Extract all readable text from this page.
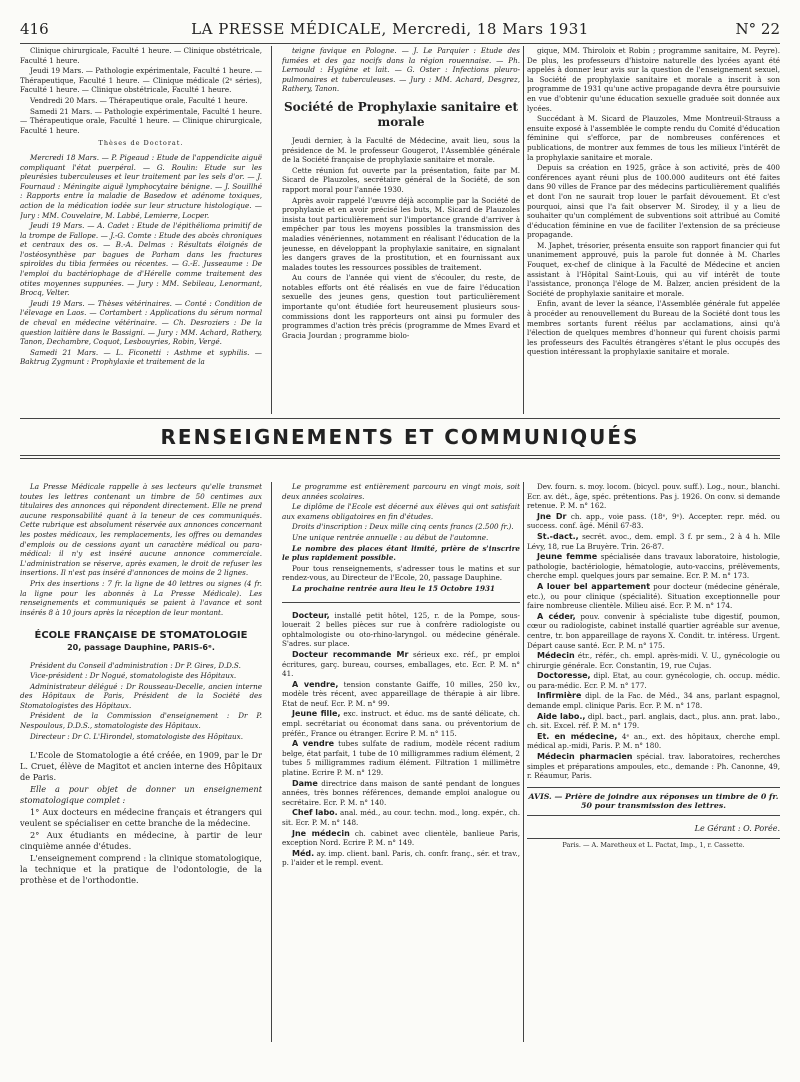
416	LA PRESSE MÉDICALE, Mercredi, 18 Mars 1931	N° 22

Clinique chirurgicale, Faculté 1 heure. — Clinique obstétricale, Faculté 1 heure.

Jeudi 19 Mars. — Pathologie expérimentale, Faculté 1 heure. — Thérapeutique, Faculté 1 heure. — Clinique médicale (2ᵉ séries), Faculté 1 heure. — Clinique obstétricale, Faculté 1 heure.

Vendredi 20 Mars. — Thérapeutique orale, Faculté 1 heure.

Samedi 21 Mars. — Pathologie expérimentale, Faculté 1 heure. — Thérapeutique orale, Faculté 1 heure. — Clinique chirurgicale, Faculté 1 heure.

Thèses de Doctorat.

Mercredi 18 Mars. — P. Pigeaud : Etude de l'appendicite aiguë compliquant l'état puerpéral. — G. Roulin: Etude sur les pleurésies tuberculeuses et leur traitement par les sels d'or. — J. Fournaud : Méningite aiguë lymphocytaire bénigne. — J. Souillhé : Rapports entre la maladie de Basedow et adénome toxiques, action de la médication iodée sur leur structure histologique. — Jury : MM. Couvelaire, M. Labbé, Lemierre, Locper.

Jeudi 19 Mars. — A. Cadet : Etude de l'épithélioma primitif de la trompe de Fallope. — J.-G. Comte : Etude des abcès chroniques et centraux des os. — B.-A. Delmas : Résultats éloignés de l'ostéosynthèse par bagues de Parham dans les fractures spiroïdes du tibia fermées ou récentes. — G.-E. Jusseaume : De l'emploi du bactériophage de d'Hérelle comme traitement des otites moyennes suppurées. — Jury : MM. Sebileau, Lenormant, Brocq, Velter.

Jeudi 19 Mars. — Thèses vétérinaires. — Conté : Condition de l'élevage en Laos. — Cortambert : Applications du sérum normal de cheval en médecine vétérinaire. — Ch. Desroziers : De la question laitière dans le Bassigni. — Jury : MM. Achard, Rathery, Tanon, Dechambre, Coquot, Lesbouyries, Robin, Vergé.

Samedi 21 Mars. — L. Ficonetti : Asthme et syphilis. — Baktrug Zygmunt : Prophylaxie et traitement de la

teigne favique en Pologne. — J. Le Parquier : Etude des fumées et des gaz nocifs dans la région rouennaise. — Ph. Lernould : Hygiène et lait. — G. Oster : Infections pleuro-pulmonaires et tuberculeuses. — Jury : MM. Achard, Desgrez, Rathery, Tanon.

Société de Prophylaxie sanitaire et morale

Jeudi dernier, à la Faculté de Médecine, avait lieu, sous la présidence de M. le professeur Gougerot, l'Assemblée générale de la Société française de prophylaxie sanitaire et morale.

Cette réunion fut ouverte par la présentation, faite par M. Sicard de Plauzoles, secrétaire général de la Société, de son rapport moral pour l'année 1930.

Après avoir rappelé l'œuvre déjà accomplie par la Société de prophylaxie et en avoir précisé les buts, M. Sicard de Plauzoles insista tout particulièrement sur l'importance grande d'arriver à empêcher par tous les moyens possibles la transmission des maladies vénériennes, notamment en réalisant l'éducation de la jeunesse, en développant la prophylaxie sanitaire, en signalant les dangers graves de la prostitution, et en fournissant aux malades toutes les ressources possibles de traitement.

Au cours de l'année qui vient de s'écouler, du reste, de notables efforts ont été réalisés en vue de faire l'éducation sexuelle des jeunes gens, question tout particulièrement importante qu'ont étudiée fort heureusement plusieurs sous-commissions dont les rapporteurs ont ainsi pu formuler des programmes d'action très précis (programme de Mmes Evard et Gracia Jourdan ; programme biolo-

gique, MM. Thiroloix et Robin ; programme sanitaire, M. Peyre). De plus, les professeurs d'histoire naturelle des lycées ayant été appelés à donner leur avis sur la question de l'enseignement sexuel, la Société de prophylaxie sanitaire et morale a inscrit à son programme de 1931 qu'une active propagande devra être poursuivie en vue d'obtenir qu'une éducation sexuelle graduée soit donnée aux lycées.

Succédant à M. Sicard de Plauzoles, Mme Montreuil-Strauss a ensuite exposé à l'assemblée le compte rendu du Comité d'éducation féminine qui s'efforce, par de nombreuses conférences et publications, de montrer aux femmes de tous les milieux l'intérêt de la prophylaxie sanitaire et morale.

Depuis sa création en 1925, grâce à son activité, près de 400 conférences ayant réuni plus de 100.000 auditeurs ont été faites dans 90 villes de France par des médecins particulièrement qualifiés et dont l'on ne saurait trop louer le parfait dévouement. Et c'est pourquoi, ainsi que l'a fait observer M. Sirodey, il y a lieu de souhaiter qu'un complément de subventions soit attribué au Comité d'éducation féminine en vue de faciliter l'extension de sa précieuse propagande.

M. Japhet, trésorier, présenta ensuite son rapport financier qui fut unanimement approuvé, puis la parole fut donnée à M. Charles Fouquet, ex-chef de clinique à la Faculté de Médecine et ancien assistant à l'Hôpital Saint-Louis, qui au vif intérêt de toute l'assistance, prononça l'éloge de M. Balzer, ancien président de la Société de prophylaxie sanitaire et morale.

Enfin, avant de lever la séance, l'Assemblée générale fut appelée à procéder au renouvellement du Bureau de la Société dont tous les membres sortants furent réélus par acclamations, ainsi qu'à l'élection de quelques membres d'honneur qui furent choisis parmi les professeurs des Facultés étrangères s'étant le plus occupés des question intéressant la prophylaxie sanitaire et morale.

RENSEIGNEMENTS ET COMMUNIQUÉS

La Presse Médicale rappelle à ses lecteurs qu'elle transmet toutes les lettres contenant un timbre de 50 centimes aux titulaires des annonces qui répondent directement. Elle ne prend aucune responsabilité quant à la teneur de ces communiqués. Cette rubrique est absolument réservée aux annonces concernant les postes médicaux, les remplacements, les offres ou demandes d'emplois ou de cessions ayant un caractère médical ou para-médical: il n'y est inséré aucune annonce commerciale. L'administration se réserve, après examen, le droit de refuser les insertions. Il n'est pas inséré d'annonces de moins de 2 lignes.

Prix des insertions : 7 fr. la ligne de 40 lettres ou signes (4 fr. la ligne pour les abonnés à La Presse Médicale). Les renseignements et communiqués se paient à l'avance et sont insérés 8 à 10 jours après la réception de leur montant.

ÉCOLE FRANÇAISE DE STOMATOLOGIE
20, passage Dauphine, PARIS-6ᵉ.

Président du Conseil d'administration : Dr P. Gires, D.D.S.

Vice-président : Dr Nogué, stomatologiste des Hôpitaux.

Administrateur délégué : Dr Rousseau-Decelle, ancien interne des Hôpitaux de Paris, Président de la Société des Stomatologistes des Hôpitaux.

Président de la Commission d'enseignement : Dr P. Nespoulous, D.D.S., stomatologiste des Hôpitaux.

Directeur : Dr C. L'Hirondel, stomatologiste des Hôpitaux.

L'Ecole de Stomatologie a été créée, en 1909, par le Dr L. Cruet, élève de Magitot et ancien interne des Hôpitaux de Paris.

Elle a pour objet de donner un enseignement stomatologique complet :

1° Aux docteurs en médecine français et étrangers qui veulent se spécialiser en cette branche de la médecine.

2° Aux étudiants en médecine, à partir de leur cinquième année d'études.

L'enseignement comprend : la clinique stomatologique, la technique et la pratique de l'odontologie, de la prothèse et de l'orthodontie.

Le programme est entièrement parcouru en vingt mois, soit deux années scolaires.

Le diplôme de l'Ecole est décerné aux élèves qui ont satisfait aux examens obligatoires en fin d'études.

Droits d'inscription : Deux mille cinq cents francs (2.500 fr.).

Une unique rentrée annuelle : au début de l'automne.

Le nombre des places étant limité, prière de s'inscrire le plus rapidement possible.

Pour tous renseignements, s'adresser tous le matins et sur rendez-vous, au Directeur de l'Ecole, 20, passage Dauphine.

La prochaine rentrée aura lieu le 15 Octobre 1931

Docteur, installé petit hôtel, 125, r. de la Pompe, sous-louerait 2 belles pièces sur rue à confrère radiologiste ou ophtalmologiste ou oto-rhino-laryngol. ou médecine générale. S'adres. sur place.

Docteur recommande Mr sérieux exc. réf., pr emploi écritures, garç. bureau, courses, emballages, etc. Ecr. P. M. n° 41.

A vendre, tension constante Gaiffe, 10 milles, 250 kv., modèle très récent, avec appareillage de thérapie à air libre. Etat de neuf. Ecr. P. M. n° 99.

Jeune fille, exc. instruct. et éduc. ms de santé délicate, ch. empl. secrétariat ou économat dans sana. ou préventorium de préfér., France ou étranger. Ecrire P. M. n° 115.

A vendre tubes sulfate de radium, modèle récent radium belge, état parfait, 1 tube de 10 milligrammes radium élément, 2 tubes 5 milligrammes radium élément. Filtration 1 millimètre platine. Ecrire P. M. n° 129.

Dame directrice dans maison de santé pendant de longues années, très bonnes références, demande emploi analogue ou secrétaire. Ecr. P. M. n° 140.

Chef labo. anal. méd., au cour. techn. mod., long. expér., ch. sit. Ecr. P. M. n° 148.

Jne médecin ch. cabinet avec clientèle, banlieue Paris, exception Nord. Ecrire P. M. n° 149.

Méd. ay. imp. client. banl. Paris, ch. confr. franç., sér. et trav., p. l'aider et le rempl. event.

Dev. fourn. s. moy. locom. (bicycl. pouv. suff.). Log., nour., blanchi. Ecr. av. dét., âge, spéc. prétentions. Pas j. 1926. On conv. si demande retenue. P. M. n° 162.

Jne Dr ch. app., voie pass. (18ᵉ, 9ᵉ). Accepter. repr. méd. ou success. conf. âgé. Ménil 67-83.

St.-dact., secrét. avoc., dem. empl. 3 f. pr sem., 2 à 4 h. Mlle Lévy, 18, rue La Bruyère. Trin. 26-87.

Jeune femme spécialisée dans travaux laboratoire, histologie, pathologie, bactériologie, hématologie, auto-vaccins, prélèvements, cherche empl. quelques jours par semaine. Ecr. P. M. n° 173.

A louer bel appartement pour docteur (médecine générale, etc.), ou pour clinique (spécialité). Situation exceptionnelle pour faire nombreuse clientèle. Milieu aisé. Ecr. P. M. n° 174.

A céder, pouv. convenir à spécialiste tube digestif, poumon, cœur ou radiologiste, cabinet installé quartier agréable sur avenue, centre, tr. bon appareillage de rayons X. Condit. tr. intéress. Urgent. Départ cause santé. Ecr. P. M. n° 175.

Médecin étr., référ., ch. empl. après-midi. V. U., gynécologie ou chirurgie générale. Ecr. Constantin, 19, rue Cujas.

Doctoresse, dipl. Etat, au cour. gynécologie, ch. occup. médic. ou para-médic. Ecr. P. M. n° 177.

Infirmière dipl. de la Fac. de Méd., 34 ans, parlant espagnol, demande empl. clinique Paris. Ecr. P. M. n° 178.

Aide labo., dipl. bact., parl. anglais, dact., plus. ann. prat. labo., ch. sit. Excel. réf. P. M. n° 179.

Et. en médecine, 4ᵉ an., ext. des hôpitaux, cherche empl. médical ap.-midi, Paris. P. M. n° 180.

Médecin pharmacien spécial. trav. laboratoires, recherches simples et préparations ampoules, etc., demande : Ph. Canonne, 49, r. Réaumur, Paris.

AVIS. — Prière de joindre aux réponses un timbre de 0 fr. 50 pour transmission des lettres.
Le Gérant : O. Porée.
Paris. — A. Maretheux et L. Pactat, Imp., 1, r. Cassette.
